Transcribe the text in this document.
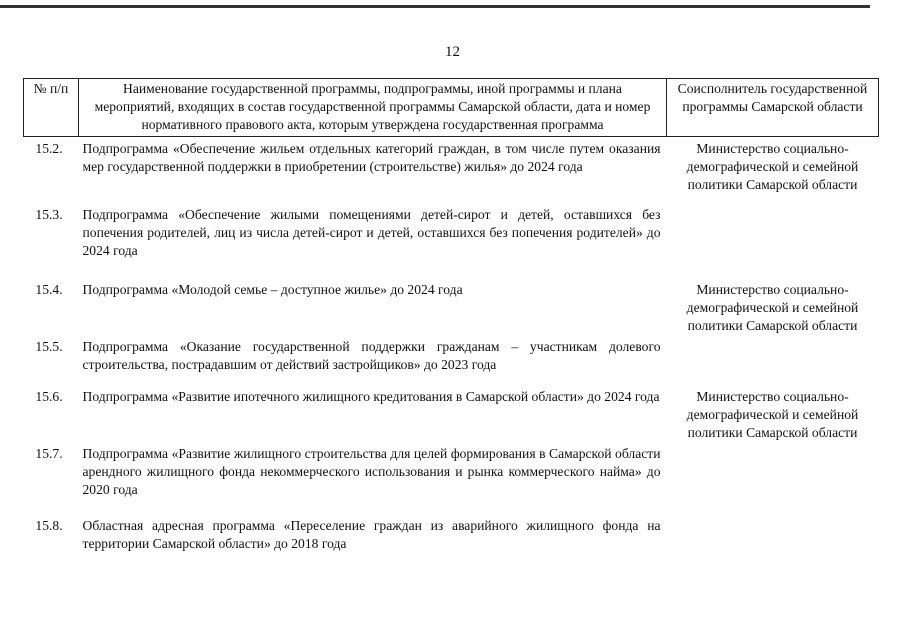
12
№ п/п	Наименование государственной программы, подпрограммы, иной программы и плана мероприятий, входящих в состав государственной программы Самарской области, дата и номер нормативного правового акта, которым утверждена государственная программа	Соисполнитель государственной программы Самарской области
15.2.	Подпрограмма «Обеспечение жильем отдельных категорий граждан, в том числе путем оказания мер государственной поддержки в приобретении (строительстве) жилья» до 2024 года	Министерство социально-демографической и семейной политики Самарской области
15.3.	Подпрограмма «Обеспечение жилыми помещениями детей-сирот и детей, оставшихся без попечения родителей, лиц из числа детей-сирот и детей, оставшихся без попечения родителей» до 2024 года	
15.4.	Подпрограмма «Молодой семье – доступное жилье» до 2024 года	Министерство социально-демографической и семейной политики Самарской области
15.5.	Подпрограмма «Оказание государственной поддержки гражданам – участникам долевого строительства, пострадавшим от действий застройщиков» до 2023 года	
15.6.	Подпрограмма «Развитие ипотечного жилищного кредитования в Самарской области» до 2024 года	Министерство социально-демографической и семейной политики Самарской области
15.7.	Подпрограмма «Развитие жилищного строительства для целей формирования в Самарской области арендного жилищного фонда некоммерческого использования и рынка коммерческого найма» до 2020 года	
15.8.	Областная адресная программа «Переселение граждан из аварийного жилищного фонда на территории Самарской области» до 2018 года	
